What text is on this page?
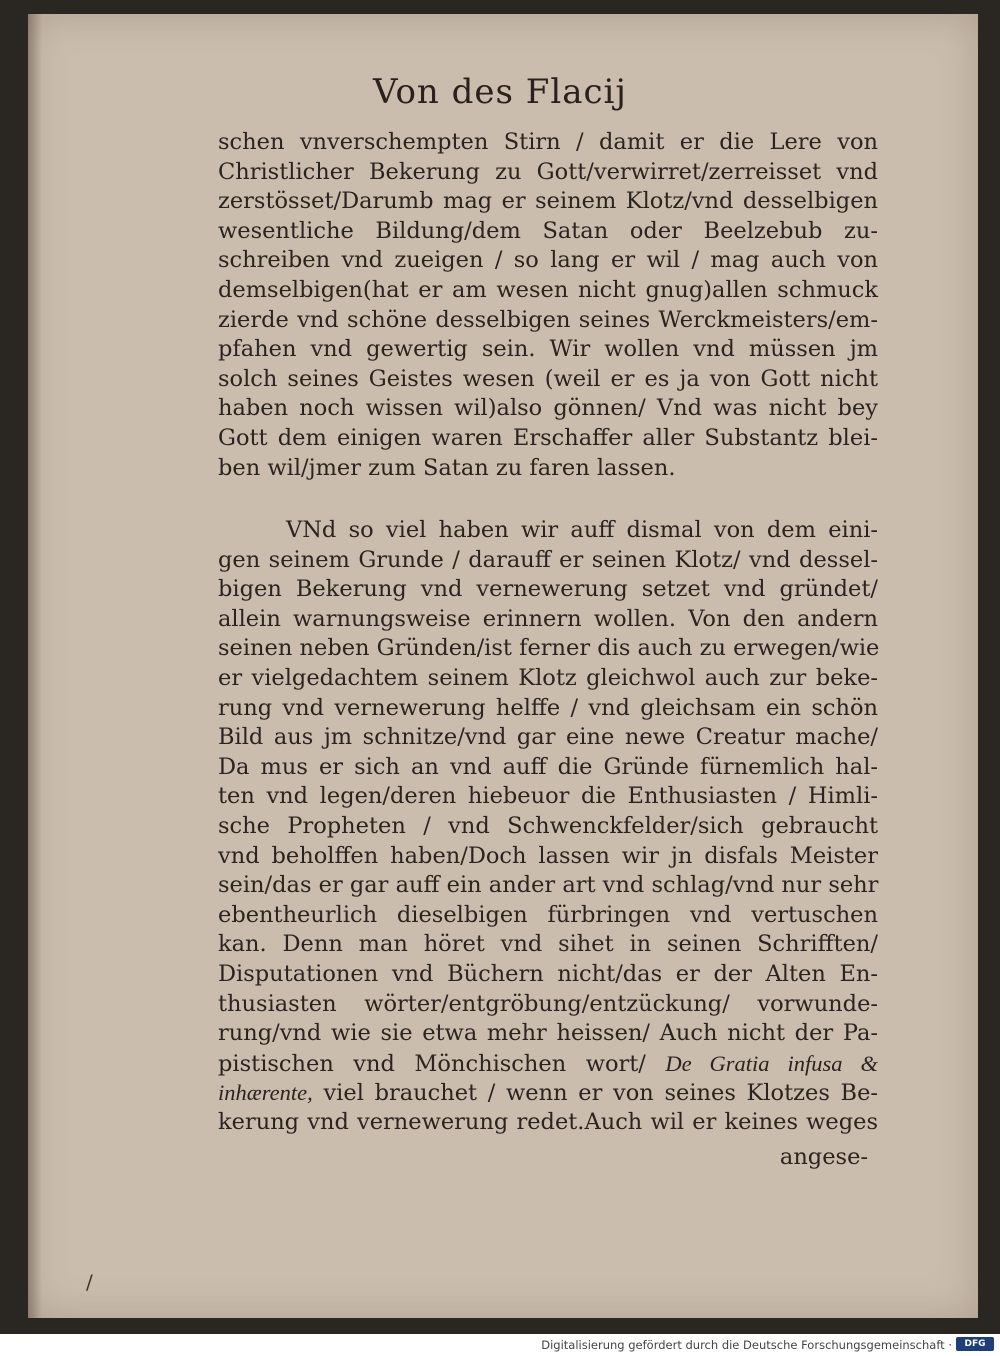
Von des Flacij
schen vnverschempten Stirn / damit er die Lere von
Christlicher Bekerung zu Gott/verwirret/zerreisset vnd
zerstösset/Darumb mag er seinem Klotz/vnd desselbigen
wesentliche Bildung/dem Satan oder Beelzebub zu-
schreiben vnd zueigen / so lang er wil / mag auch von
demselbigen(hat er am wesen nicht gnug)allen schmuck
zierde vnd schöne desselbigen seines Werckmeisters/em-
pfahen vnd gewertig sein. Wir wollen vnd müssen jm
solch seines Geistes wesen (weil er es ja von Gott nicht
haben noch wissen wil)also gönnen/ Vnd was nicht bey
Gott dem einigen waren Erschaffer aller Substantz blei-
ben wil/jmer zum Satan zu faren lassen.
VNd so viel haben wir auff dismal von dem eini-
gen seinem Grunde / darauff er seinen Klotz/ vnd dessel-
bigen Bekerung vnd vernewerung setzet vnd gründet/
allein warnungsweise erinnern wollen. Von den andern
seinen neben Gründen/ist ferner dis auch zu erwegen/wie
er vielgedachtem seinem Klotz gleichwol auch zur beke-
rung vnd vernewerung helffe / vnd gleichsam ein schön
Bild aus jm schnitze/vnd gar eine newe Creatur mache/
Da mus er sich an vnd auff die Gründe fürnemlich hal-
ten vnd legen/deren hiebeuor die Enthusiasten / Himli-
sche Propheten / vnd Schwenckfelder/sich gebraucht
vnd beholffen haben/Doch lassen wir jn disfals Meister
sein/das er gar auff ein ander art vnd schlag/vnd nur sehr
ebentheurlich dieselbigen fürbringen vnd vertuschen
kan. Denn man höret vnd sihet in seinen Schrifften/
Disputationen vnd Büchern nicht/das er der Alten En-
thusiasten wörter/entgröbung/entzückung/ vorwunde-
rung/vnd wie sie etwa mehr heissen/ Auch nicht der Pa-
pistischen vnd Mönchischen wort/ De Gratia infusa &
inhærente, viel brauchet / wenn er von seines Klotzes Be-
kerung vnd vernewerung redet.Auch wil er keines weges
angese-
/
Digitalisierung gefördert durch die Deutsche Forschungsgemeinschaft ·	DFG
